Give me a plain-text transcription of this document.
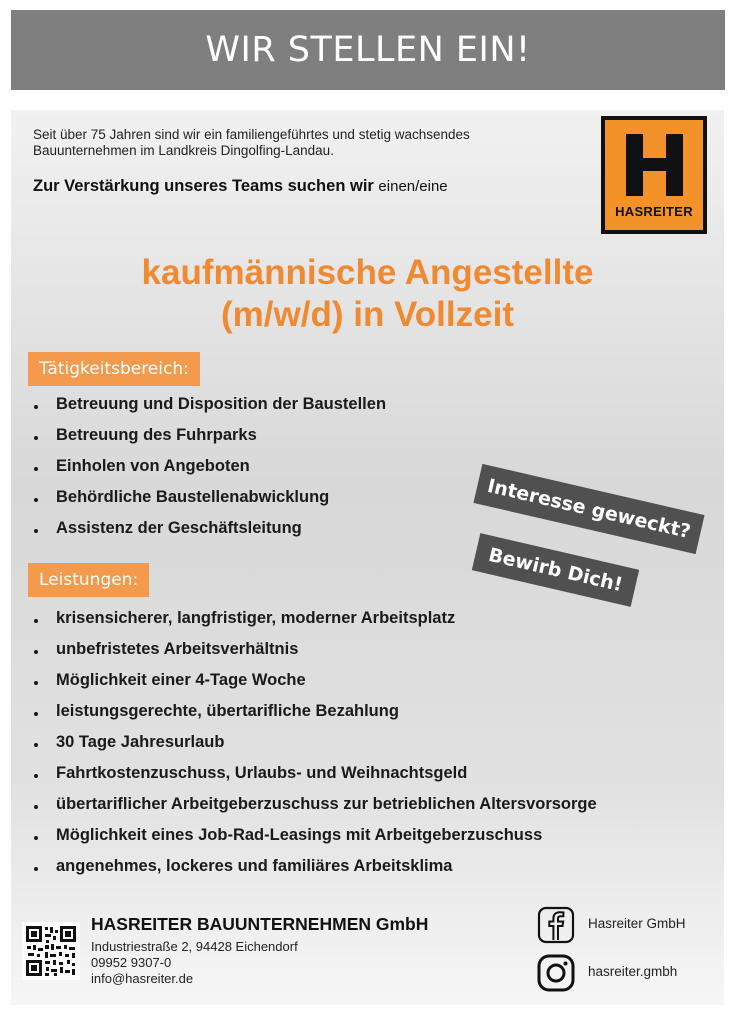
WIR STELLEN EIN!
Seit über 75 Jahren sind wir ein familiengeführtes und stetig wachsendes
Bauunternehmen im Landkreis Dingolfing-Landau.
Zur Verstärkung unseres Teams suchen wir einen/eine
HASREITER
kaufmännische Angestellte
(m/w/d) in Vollzeit
Tätigkeitsbereich:
Betreuung und Disposition der Baustellen
Betreuung des Fuhrparks
Einholen von Angeboten
Behördliche Baustellenabwicklung
Assistenz der Geschäftsleitung	Interesse geweckt?
Bewirb Dich!
Leistungen:
krisensicherer, langfristiger, moderner Arbeitsplatz
unbefristetes Arbeitsverhältnis
Möglichkeit einer 4-Tage Woche
leistungsgerechte, übertarifliche Bezahlung
30 Tage Jahresurlaub
Fahrtkostenzuschuss, Urlaubs- und Weihnachtsgeld
übertariflicher Arbeitgeberzuschuss zur betrieblichen Altersvorsorge
Möglichkeit eines Job-Rad-Leasings mit Arbeitgeberzuschuss
angenehmes, lockeres und familiäres Arbeitsklima
HASREITER BAUUNTERNEHMEN GmbH
Industriestraße 2, 94428 Eichendorf
09952 9307-0
info@hasreiter.de
Hasreiter GmbH
hasreiter.gmbh
